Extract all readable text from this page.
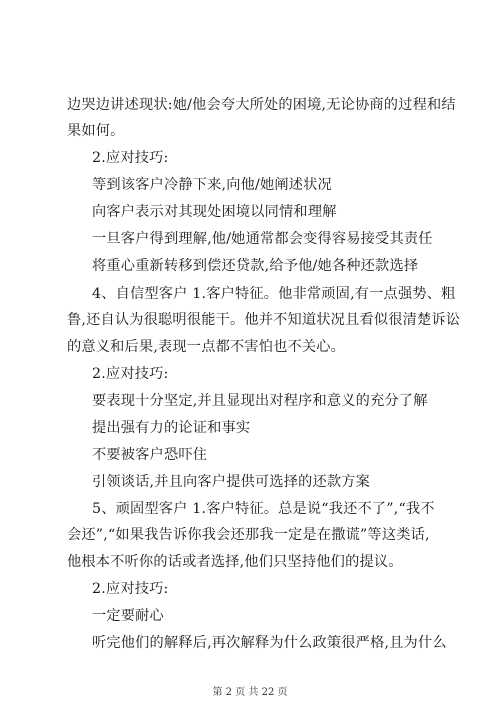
边哭边讲述现状:她/他会夸大所处的困境,无论协商的过程和结
果如何。
2.应对技巧:
等到该客户冷静下来,向他/她阐述状况
向客户表示对其现处困境以同情和理解
一旦客户得到理解,他/她通常都会变得容易接受其责任
将重心重新转移到偿还贷款,给予他/她各种还款选择
4、自信型客户 1.客户特征。他非常顽固,有一点强势、粗
鲁,还自认为很聪明很能干。他并不知道状况且看似很清楚诉讼
的意义和后果,表现一点都不害怕也不关心。
2.应对技巧:
要表现十分坚定,并且显现出对程序和意义的充分了解
提出强有力的论证和事实
不要被客户恐吓住
引领谈话,并且向客户提供可选择的还款方案
5、顽固型客户 1.客户特征。总是说“我还不了”,“我不
会还”,“如果我告诉你我会还那我一定是在撒谎”等这类话,
他根本不听你的话或者选择,他们只坚持他们的提议。
2.应对技巧:
一定要耐心
听完他们的解释后,再次解释为什么政策很严格,且为什么
第 2 页 共 22 页
